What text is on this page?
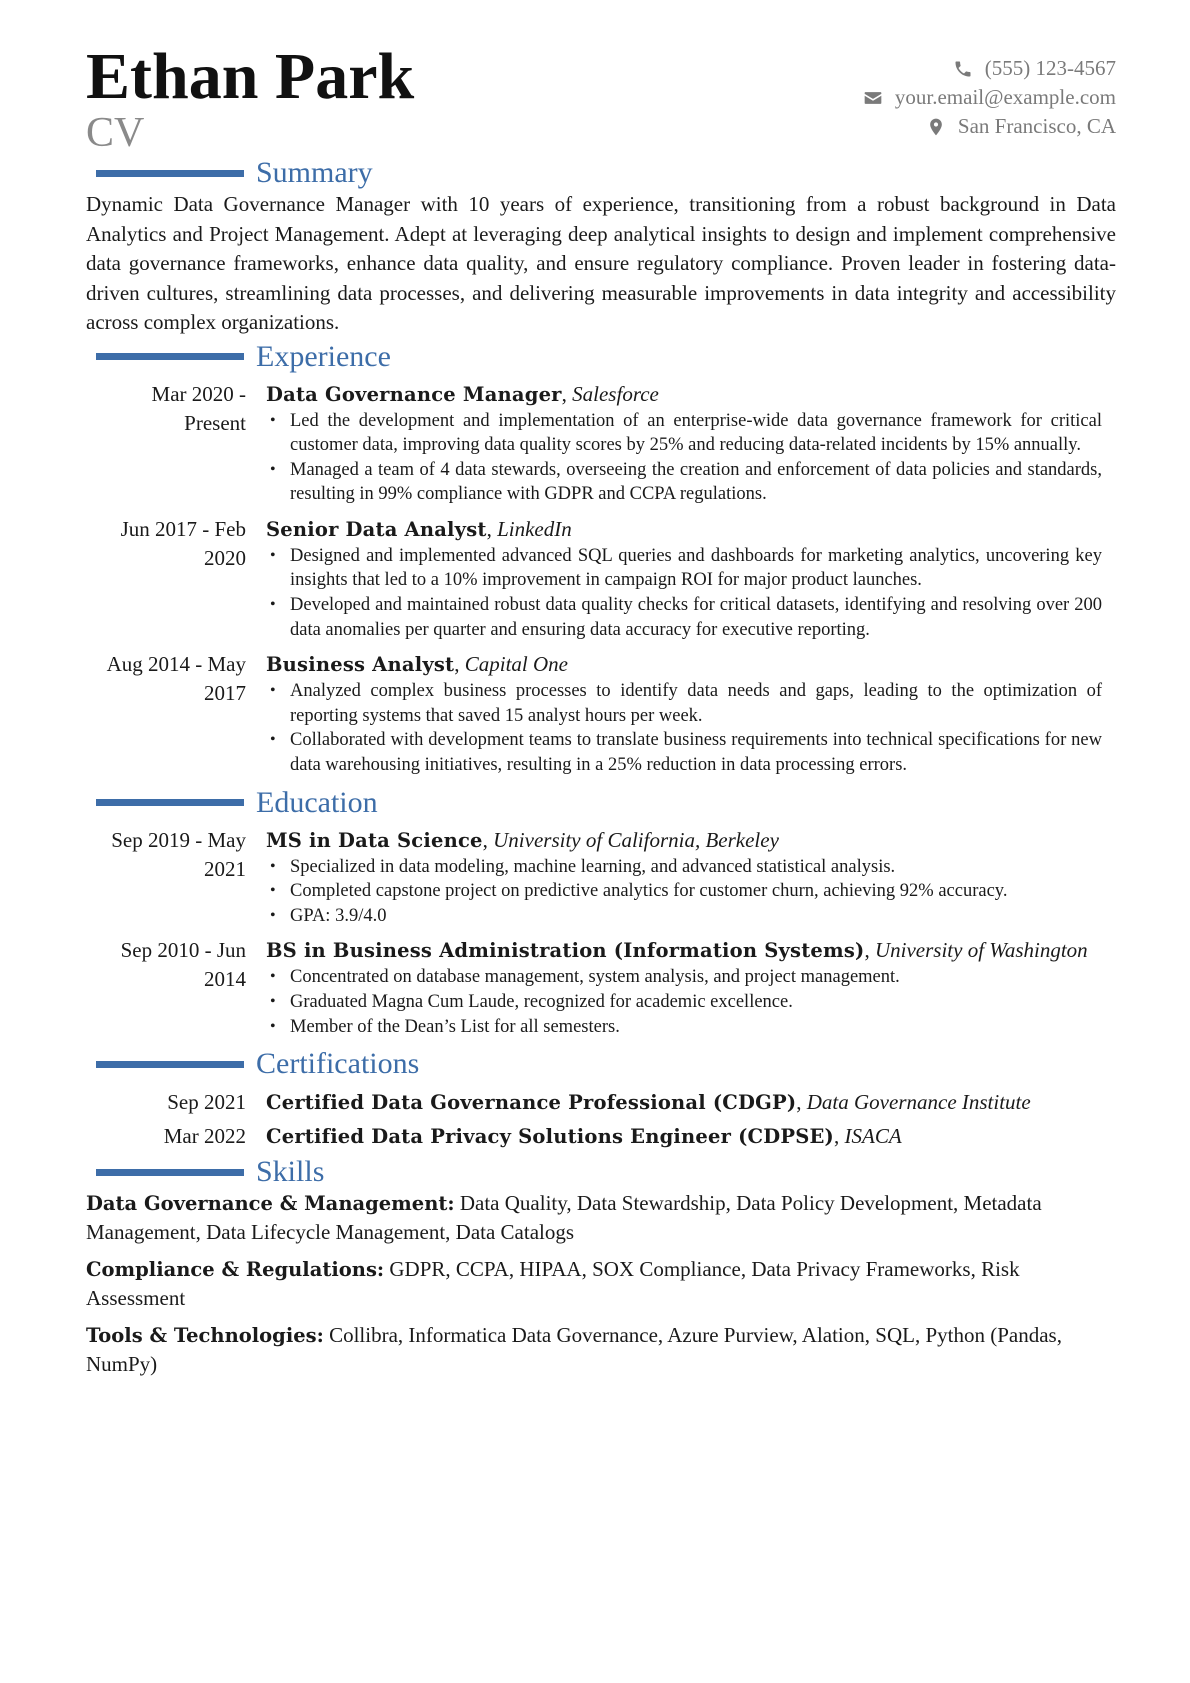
Ethan Park
CV
(555) 123-4567
your.email@example.com
San Francisco, CA
Summary

Dynamic Data Governance Manager with 10 years of experience, transitioning from a robust background in Data Analytics and Project Management. Adept at leveraging deep analytical insights to design and implement comprehensive data governance frameworks, enhance data quality, and ensure regulatory compliance. Proven leader in fostering data-driven cultures, streamlining data processes, and delivering measurable improvements in data integrity and accessibility across complex organizations.

Experience
Mar 2020 - Present
Data Governance Manager, Salesforce
• Led the development and implementation of an enterprise-wide data governance framework for critical customer data, improving data quality scores by 25% and reducing data-related incidents by 15% annually.
• Managed a team of 4 data stewards, overseeing the creation and enforcement of data policies and standards, resulting in 99% compliance with GDPR and CCPA regulations.
Jun 2017 - Feb 2020
Senior Data Analyst, LinkedIn
• Designed and implemented advanced SQL queries and dashboards for marketing analytics, uncovering key insights that led to a 10% improvement in campaign ROI for major product launches.
• Developed and maintained robust data quality checks for critical datasets, identifying and resolving over 200 data anomalies per quarter and ensuring data accuracy for executive reporting.
Aug 2014 - May 2017
Business Analyst, Capital One
• Analyzed complex business processes to identify data needs and gaps, leading to the optimization of reporting systems that saved 15 analyst hours per week.
• Collaborated with development teams to translate business requirements into technical specifications for new data warehousing initiatives, resulting in a 25% reduction in data processing errors.
Education
Sep 2019 - May 2021
MS in Data Science, University of California, Berkeley
• Specialized in data modeling, machine learning, and advanced statistical analysis.
• Completed capstone project on predictive analytics for customer churn, achieving 92% accuracy.
• GPA: 3.9/4.0
Sep 2010 - Jun 2014
BS in Business Administration (Information Systems), University of Washington
• Concentrated on database management, system analysis, and project management.
• Graduated Magna Cum Laude, recognized for academic excellence.
• Member of the Dean’s List for all semesters.
Certifications
Sep 2021	Certified Data Governance Professional (CDGP), Data Governance Institute
Mar 2022	Certified Data Privacy Solutions Engineer (CDPSE), ISACA
Skills
Data Governance & Management: Data Quality, Data Stewardship, Data Policy Development, Metadata Management, Data Lifecycle Management, Data Catalogs
Compliance & Regulations: GDPR, CCPA, HIPAA, SOX Compliance, Data Privacy Frameworks, Risk Assessment
Tools & Technologies: Collibra, Informatica Data Governance, Azure Purview, Alation, SQL, Python (Pandas, NumPy)
